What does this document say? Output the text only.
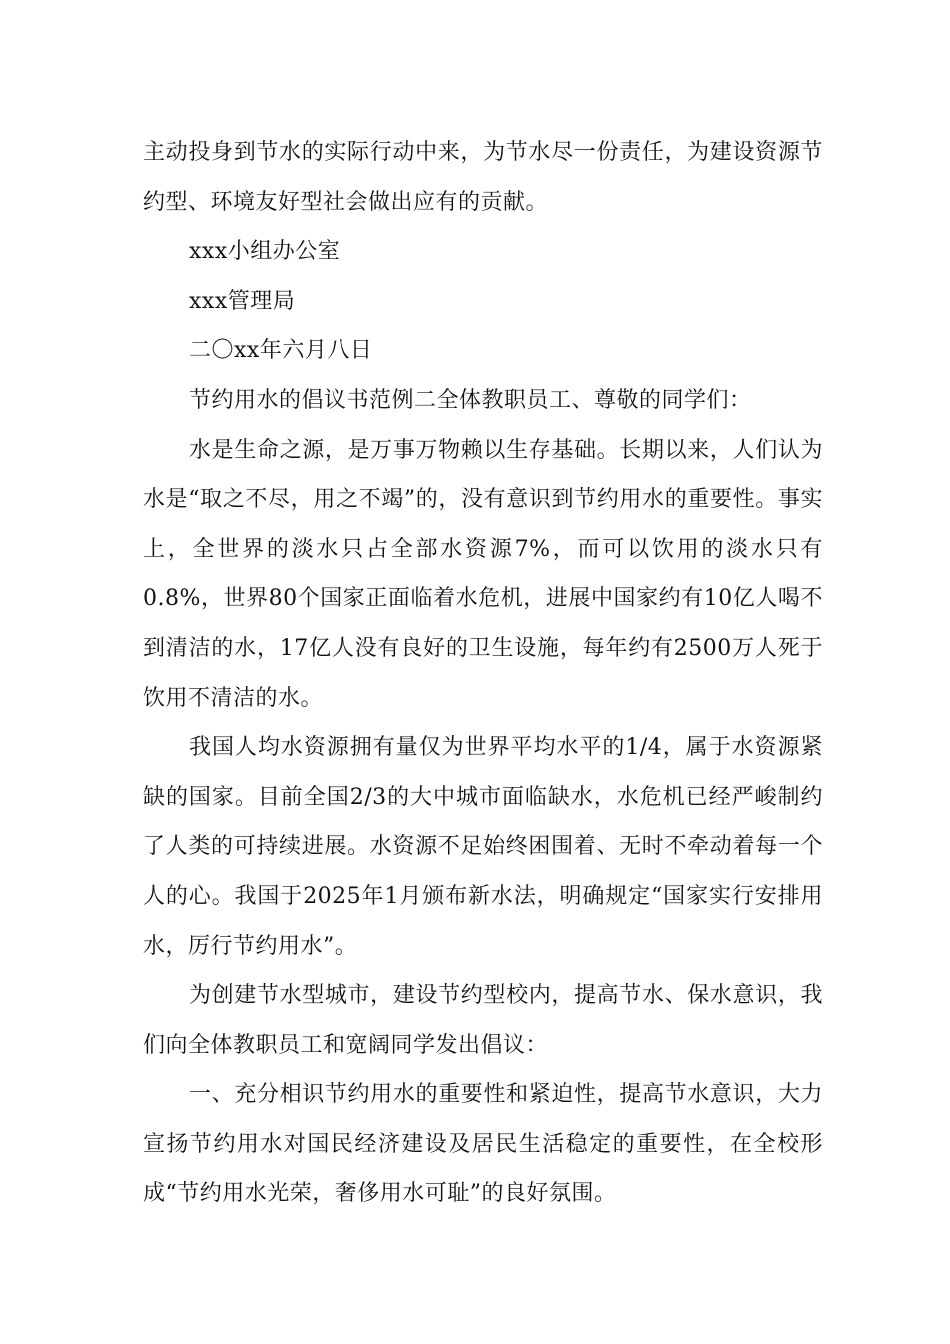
主动投身到节水的实际行动中来，为节水尽一份责任，为建设资源节约型、环境友好型社会做出应有的贡献。

xxx小组办公室

xxx管理局

二〇xx年六月八日

节约用水的倡议书范例二全体教职员工、尊敬的同学们：

水是生命之源，是万事万物赖以生存基础。长期以来，人们认为水是“取之不尽，用之不竭”的，没有意识到节约用水的重要性。事实上，全世界的淡水只占全部水资源7%，而可以饮用的淡水只有0.8%，世界80个国家正面临着水危机，进展中国家约有10亿人喝不到清洁的水，17亿人没有良好的卫生设施，每年约有2500万人死于饮用不清洁的水。

我国人均水资源拥有量仅为世界平均水平的1/4，属于水资源紧缺的国家。目前全国2/3的大中城市面临缺水，水危机已经严峻制约了人类的可持续进展。水资源不足始终困围着、无时不牵动着每一个人的心。我国于2025年1月颁布新水法，明确规定“国家实行安排用水，厉行节约用水”。

为创建节水型城市，建设节约型校内，提高节水、保水意识，我们向全体教职员工和宽阔同学发出倡议：

一、充分相识节约用水的重要性和紧迫性，提高节水意识，大力宣扬节约用水对国民经济建设及居民生活稳定的重要性，在全校形成“节约用水光荣，奢侈用水可耻”的良好氛围。
